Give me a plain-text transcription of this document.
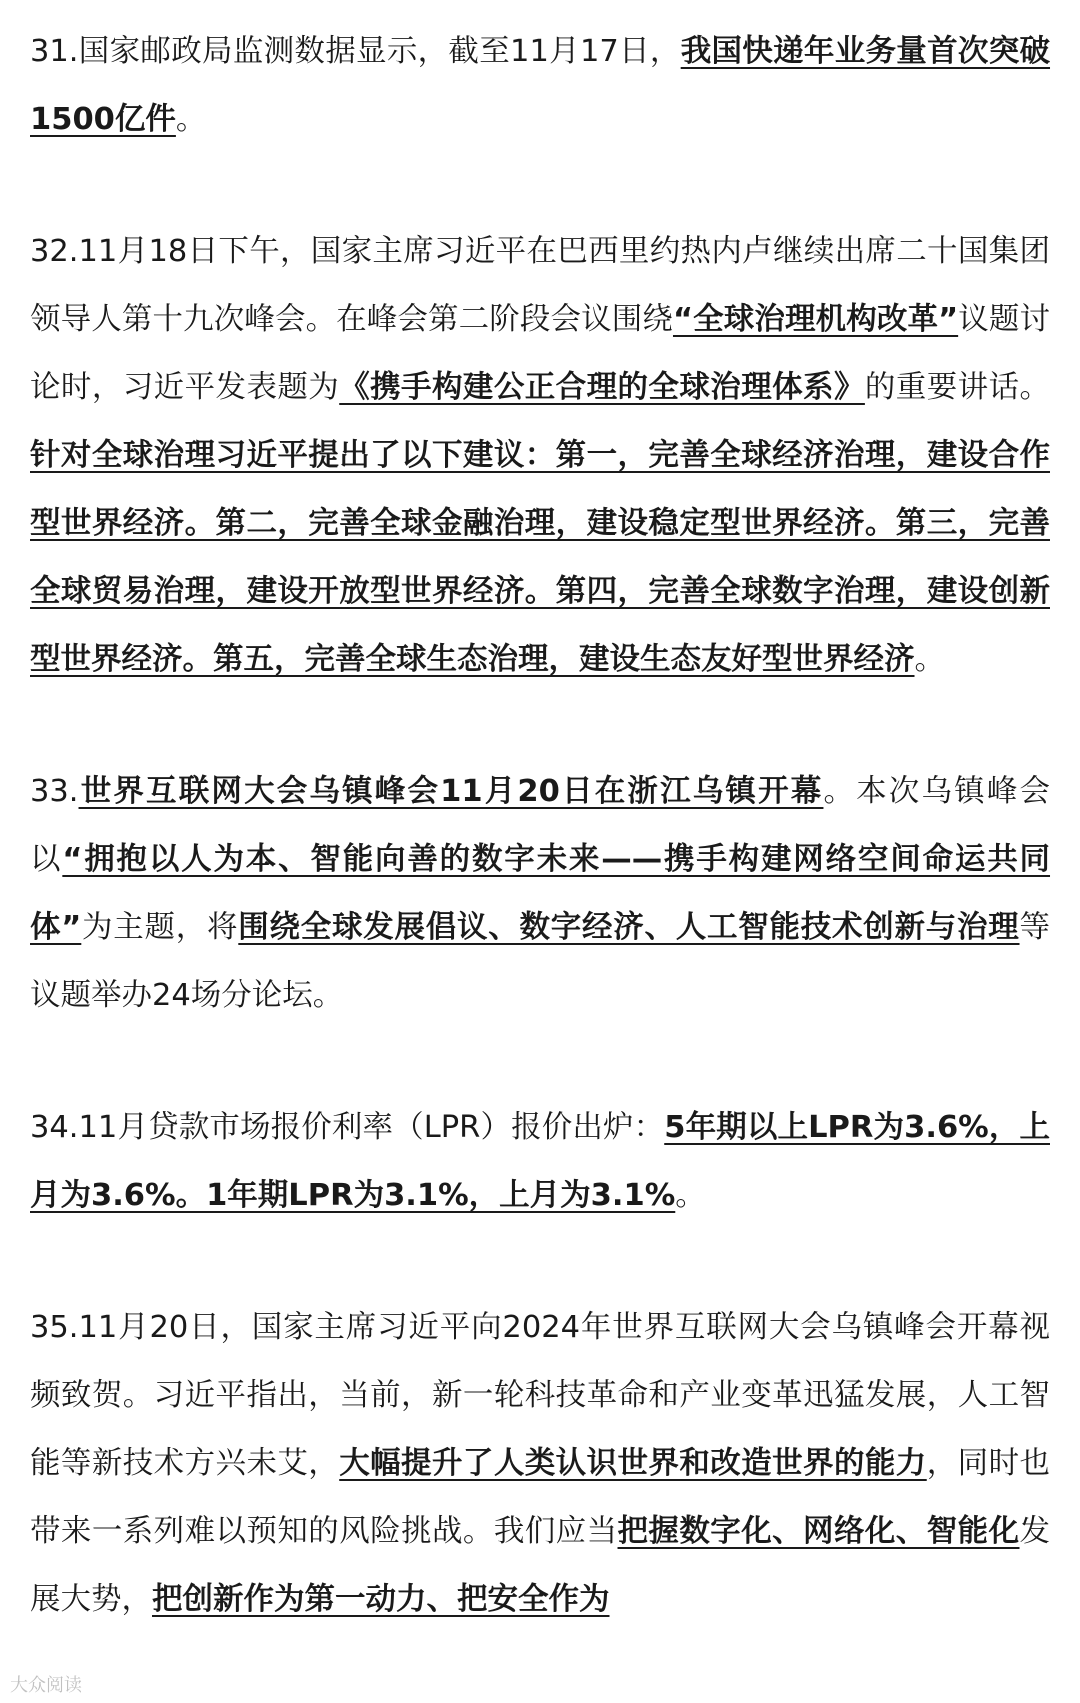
31.国家邮政局监测数据显示，截至11月17日，我国快递年业务量首次突破1500亿件。

32.11月18日下午，国家主席习近平在巴西里约热内卢继续出席二十国集团领导人第十九次峰会。在峰会第二阶段会议围绕“全球治理机构改革”议题讨论时，习近平发表题为《携手构建公正合理的全球治理体系》的重要讲话。针对全球治理习近平提出了以下建议：第一，完善全球经济治理，建设合作型世界经济。第二，完善全球金融治理，建设稳定型世界经济。第三，完善全球贸易治理，建设开放型世界经济。第四，完善全球数字治理，建设创新型世界经济。第五，完善全球生态治理，建设生态友好型世界经济。

33.世界互联网大会乌镇峰会11月20日在浙江乌镇开幕。本次乌镇峰会以“拥抱以人为本、智能向善的数字未来——携手构建网络空间命运共同体”为主题，将围绕全球发展倡议、数字经济、人工智能技术创新与治理等议题举办24场分论坛。

34.11月贷款市场报价利率（LPR）报价出炉：5年期以上LPR为3.6%，上月为3.6%。1年期LPR为3.1%，上月为3.1%。

35.11月20日，国家主席习近平向2024年世界互联网大会乌镇峰会开幕视频致贺。习近平指出，当前，新一轮科技革命和产业变革迅猛发展，人工智能等新技术方兴未艾，大幅提升了人类认识世界和改造世界的能力，同时也带来一系列难以预知的风险挑战。我们应当把握数字化、网络化、智能化发展大势，把创新作为第一动力、把安全作为

大众阅读
